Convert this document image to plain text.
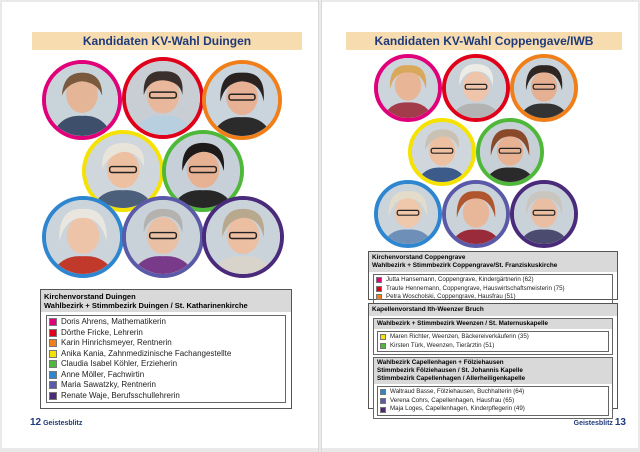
Kandidaten KV-Wahl Duingen
Kirchenvorstand Duingen
Wahlbezirk + Stimmbezirk Duingen / St. Katharinenkirche
Doris Ahrens, Mathematikerin
Dörthe Fricke, Lehrerin
Karin Hinrichsmeyer, Rentnerin
Anika Kania, Zahnmedizinische Fachangestellte
Claudia Isabel Köhler, Erzieherin
Anne Möller, Fachwirtin
Maria Sawatzky, Rentnerin
Renate Waje, Berufsschullehrerin
12 Geistesblitz
Kandidaten KV-Wahl Coppengave/IWB
Kirchenvorstand Coppengrave
Wahlbezirk + Stimmbezirk Coppengrave/St. Franziskuskirche
Jutta Hansemann, Coppengrave, Kindergärtnerin (62)
Traute Hennemann, Coppengrave, Hauswirtschaftsmeisterin (75)
Petra Woscholski, Coppengrave, Hausfrau (51)
Kapellenvorstand Ith-Weenzer Bruch
Wahlbezirk + Stimmbezirk Weenzen / St. Maternuskapelle
Maren Richter, Weenzen, Bäckereiverkäuferin (35)
Kirsten Türk, Weenzen, Tierärztin (51)
Wahlbezirk Capellenhagen + Fölziehausen
Stimmbezirk Fölziehausen / St. Johannis Kapelle
Stimmbezirk Capellenhagen / Allerheiligenkapelle
Waltraud Basse, Fölziehausen, Buchhalterin (64)
Verena Cohrs, Capellenhagen, Hausfrau (65)
Maja Loges, Capellenhagen, Kinderpflegerin (49)
Geistesblitz 13
